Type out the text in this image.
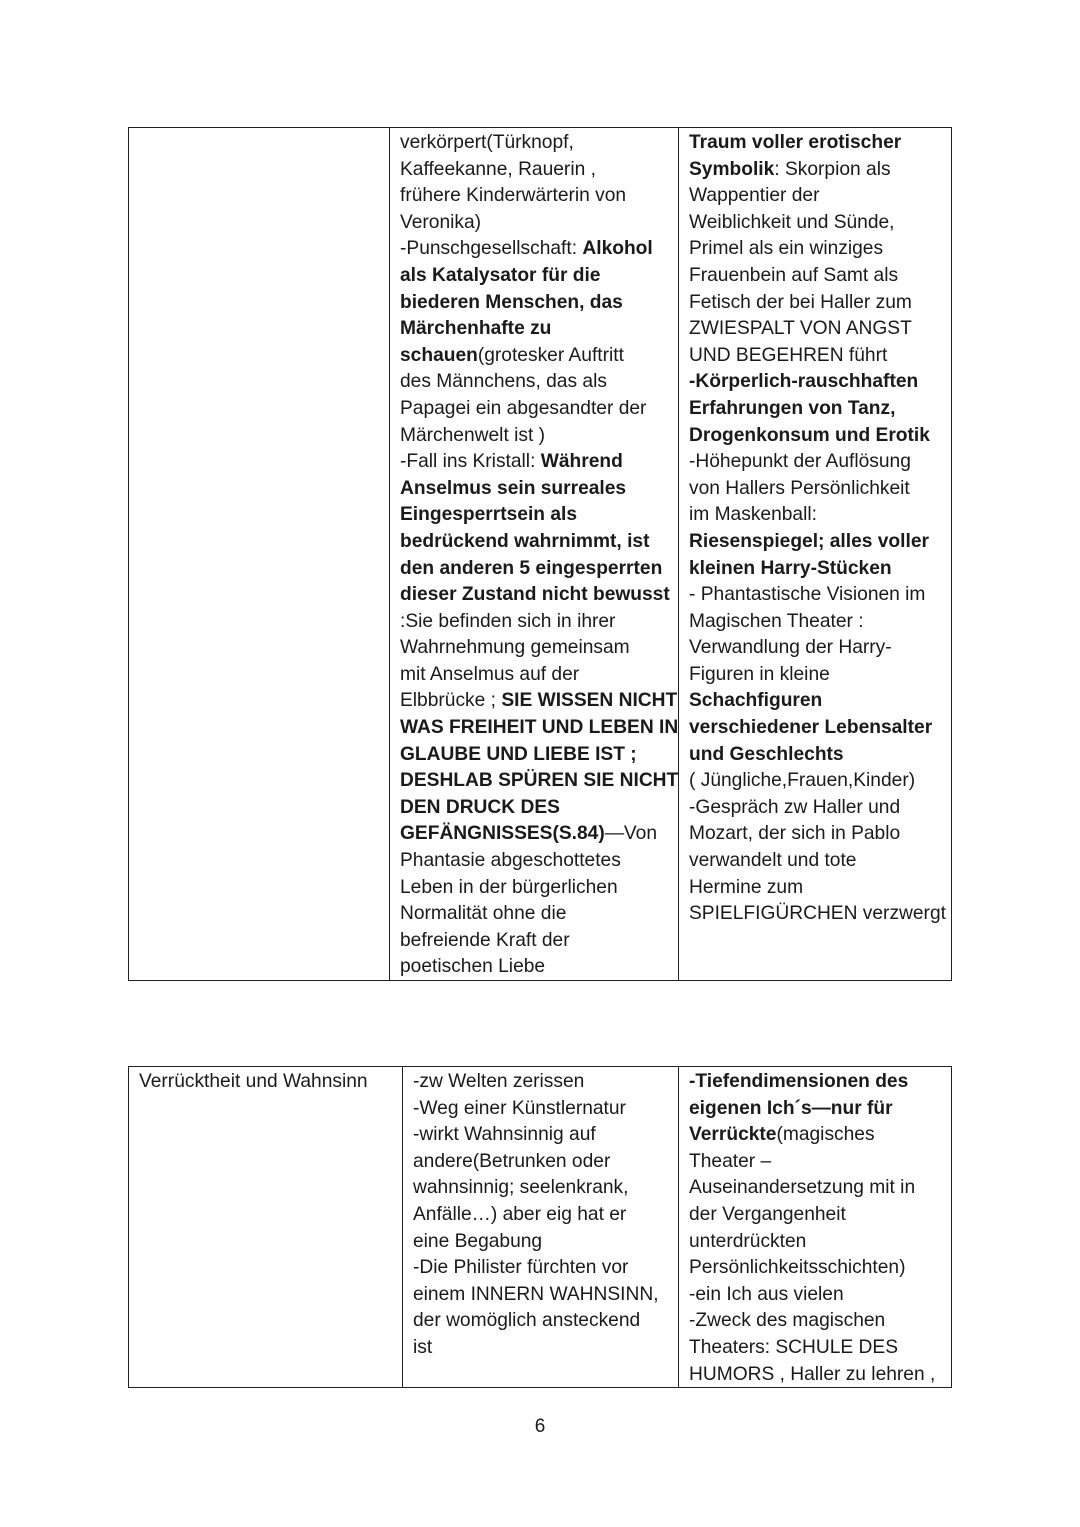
verkörpert(Türknopf,
Kaffeekanne, Rauerin ,
frühere Kinderwärterin von
Veronika)
-Punschgesellschaft: Alkohol
als Katalysator für die
biederen Menschen, das
Märchenhafte zu
schauen(grotesker Auftritt
des Männchens, das als
Papagei ein abgesandter der
Märchenwelt ist )
-Fall ins Kristall: Während
Anselmus sein surreales
Eingesperrtsein als
bedrückend wahrnimmt, ist
den anderen 5 eingesperrten
dieser Zustand nicht bewusst
:Sie befinden sich in ihrer
Wahrnehmung gemeinsam
mit Anselmus auf der
Elbbrücke ; SIE WISSEN NICHT
WAS FREIHEIT UND LEBEN IN
GLAUBE UND LIEBE IST ;
DESHLAB SPÜREN SIE NICHT
DEN DRUCK DES
GEFÄNGNISSES(S.84)—Von
Phantasie abgeschottetes
Leben in der bürgerlichen
Normalität ohne die
befreiende Kraft der
poetischen Liebe
Traum voller erotischer
Symbolik: Skorpion als
Wappentier der
Weiblichkeit und Sünde,
Primel als ein winziges
Frauenbein auf Samt als
Fetisch der bei Haller zum
ZWIESPALT VON ANGST
UND BEGEHREN führt
-Körperlich-rauschhaften
Erfahrungen von Tanz,
Drogenkonsum und Erotik
-Höhepunkt der Auflösung
von Hallers Persönlichkeit
im Maskenball:
Riesenspiegel; alles voller
kleinen Harry-Stücken
- Phantastische Visionen im
Magischen Theater :
Verwandlung der Harry-
Figuren in kleine
Schachfiguren
verschiedener Lebensalter
und Geschlechts
( Jüngliche,Frauen,Kinder)
-Gespräch zw Haller und
Mozart, der sich in Pablo
verwandelt und tote
Hermine zum
SPIELFIGÜRCHEN verzwergt
Verrücktheit und Wahnsinn	-zw Welten zerissen
-Weg einer Künstlernatur
-wirkt Wahnsinnig auf
andere(Betrunken oder
wahnsinnig; seelenkrank,
Anfälle…) aber eig hat er
eine Begabung
-Die Philister fürchten vor
einem INNERN WAHNSINN,
der womöglich ansteckend
ist
-Tiefendimensionen des
eigenen Ich´s—nur für
Verrückte(magisches
Theater –
Auseinandersetzung mit in
der Vergangenheit
unterdrückten
Persönlichkeitsschichten)
-ein Ich aus vielen
-Zweck des magischen
Theaters: SCHULE DES
HUMORS , Haller zu lehren ,
6
